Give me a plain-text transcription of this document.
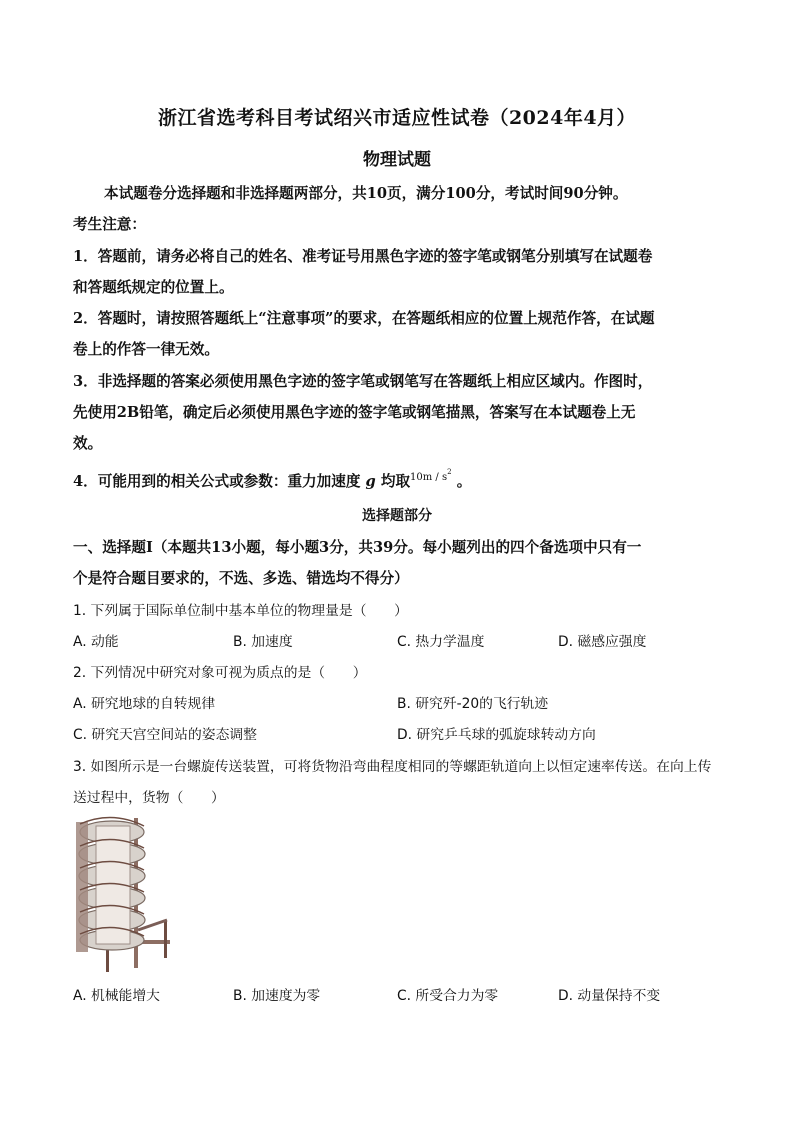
浙江省选考科目考试绍兴市适应性试卷（2024年4月）
物理试题
本试题卷分选择题和非选择题两部分，共10页，满分100分，考试时间90分钟。
考生注意：
1．答题前，请务必将自己的姓名、准考证号用黑色字迹的签字笔或钢笔分别填写在试题卷
和答题纸规定的位置上。
2．答题时，请按照答题纸上“注意事项”的要求，在答题纸相应的位置上规范作答，在试题
卷上的作答一律无效。
3．非选择题的答案必须使用黑色字迹的签字笔或钢笔写在答题纸上相应区域内。作图时，
先使用2B铅笔，确定后必须使用黑色字迹的签字笔或钢笔描黑，答案写在本试题卷上无
效。
4．可能用到的相关公式或参数：重力加速度 g 均取$^{10m / s2}$ 。
选择题部分
一、选择题Ⅰ（本题共13小题，每小题3分，共39分。每小题列出的四个备选项中只有一
个是符合题目要求的，不选、多选、错选均不得分）
1. 下列属于国际单位制中基本单位的物理量是（　　）
A. 动能	B. 加速度	C. 热力学温度	D. 磁感应强度
2. 下列情况中研究对象可视为质点的是（　　）
A. 研究地球的自转规律	B. 研究歼-20的飞行轨迹
C. 研究天宫空间站的姿态调整	D. 研究乒乓球的弧旋球转动方向
3. 如图所示是一台螺旋传送装置，可将货物沿弯曲程度相同的等螺距轨道向上以恒定速率传送。在向上传
送过程中，货物（　　）
A. 机械能增大	B. 加速度为零	C. 所受合力为零	D. 动量保持不变
